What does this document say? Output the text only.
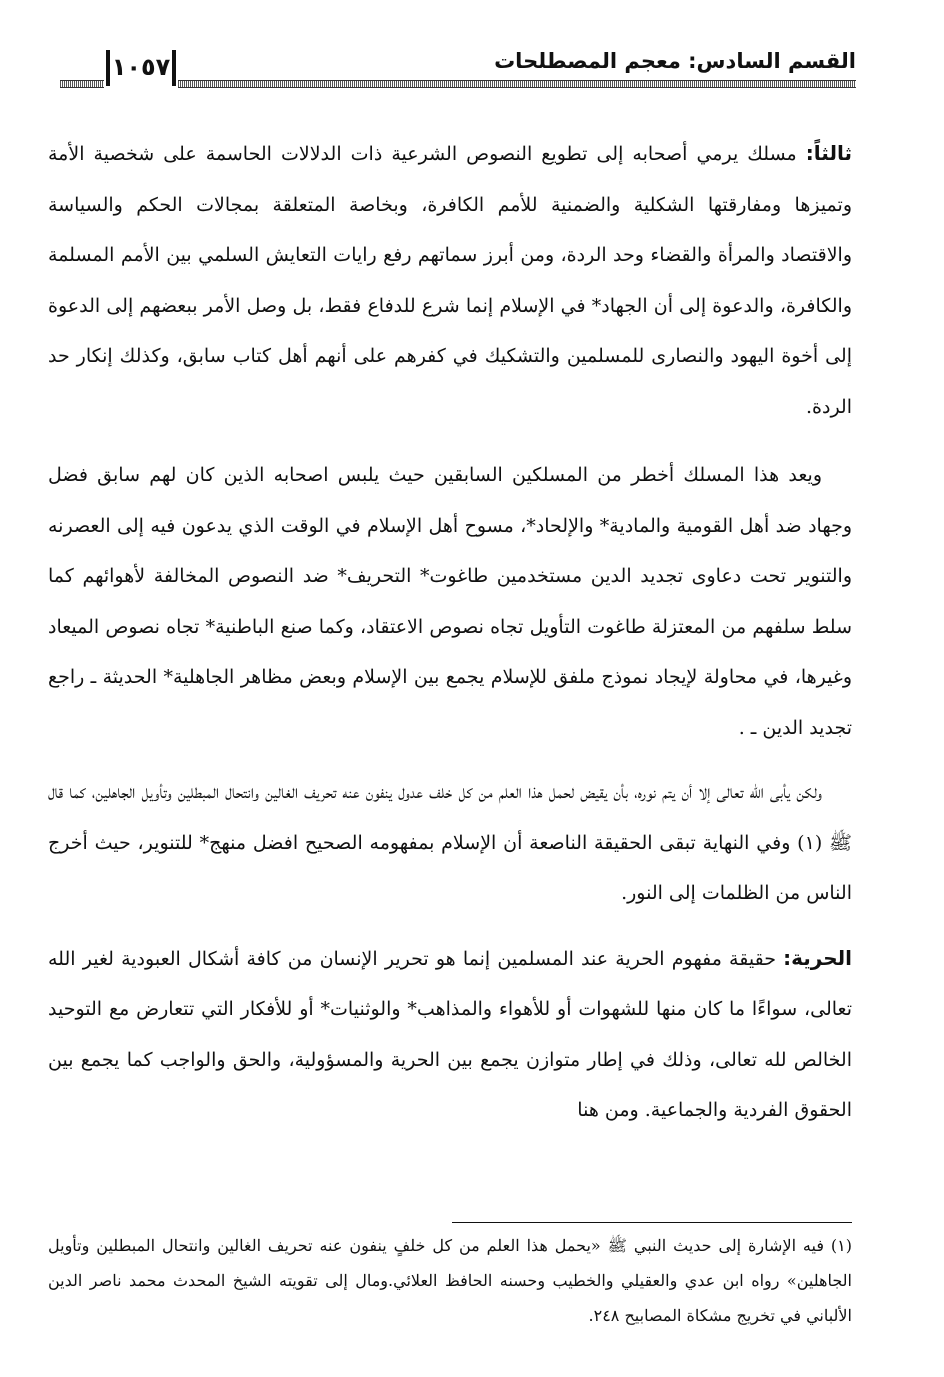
القسم السادس: معجم المصطلحات
١٠٥٧

ثالثاً: مسلك يرمي أصحابه إلى تطويع النصوص الشرعية ذات الدلالات الحاسمة على شخصية الأمة وتميزها ومفارقتها الشكلية والضمنية للأمم الكافرة، وبخاصة المتعلقة بمجالات الحكم والسياسة والاقتصاد والمرأة والقضاء وحد الردة، ومن أبرز سماتهم رفع رايات التعايش السلمي بين الأمم المسلمة والكافرة، والدعوة إلى أن الجهاد* في الإسلام إنما شرع للدفاع فقط، بل وصل الأمر ببعضهم إلى الدعوة إلى أخوة اليهود والنصارى للمسلمين والتشكيك في كفرهم على أنهم أهل كتاب سابق، وكذلك إنكار حد الردة.

ويعد هذا المسلك أخطر من المسلكين السابقين حيث يلبس اصحابه الذين كان لهم سابق فضل وجهاد ضد أهل القومية والمادية* والإلحاد*، مسوح أهل الإسلام في الوقت الذي يدعون فيه إلى العصرنه والتنوير تحت دعاوى تجديد الدين مستخدمين طاغوت* التحريف* ضد النصوص المخالفة لأهوائهم كما سلط سلفهم من المعتزلة طاغوت التأويل تجاه نصوص الاعتقاد، وكما صنع الباطنية* تجاه نصوص الميعاد وغيرها، في محاولة لإيجاد نموذج ملفق للإسلام يجمع بين الإسلام وبعض مظاهر الجاهلية* الحديثة ـ راجع تجديد الدين ـ .

ولكن يأبى الله تعالى إلا أن يتم نوره، بأن يقيض لحمل هذا العلم من كل خلف عدول ينفون عنه تحريف الغالين وانتحال المبطلين وتأويل الجاهلين، كما قال ﷺ (١) وفي النهاية تبقى الحقيقة الناصعة أن الإسلام بمفهومه الصحيح افضل منهج* للتنوير، حيث أخرج الناس من الظلمات إلى النور.

الحرية: حقيقة مفهوم الحرية عند المسلمين إنما هو تحرير الإنسان من كافة أشكال العبودية لغير الله تعالى، سواءًا ما كان منها للشهوات أو للأهواء والمذاهب* والوثنيات* أو للأفكار التي تتعارض مع التوحيد الخالص لله تعالى، وذلك في إطار متوازن يجمع بين الحرية والمسؤولية، والحق والواجب كما يجمع بين الحقوق الفردية والجماعية. ومن هنا

(١) فيه الإشارة إلى حديث النبي ﷺ «يحمل هذا العلم من كل خلفٍ ينفون عنه تحريف الغالين وانتحال المبطلين وتأويل الجاهلين» رواه ابن عدي والعقيلي والخطيب وحسنه الحافظ العلائي.ومال إلى تقويته الشيخ المحدث محمد ناصر الدين الألباني في تخريج مشكاة المصابيح ٢٤٨.
